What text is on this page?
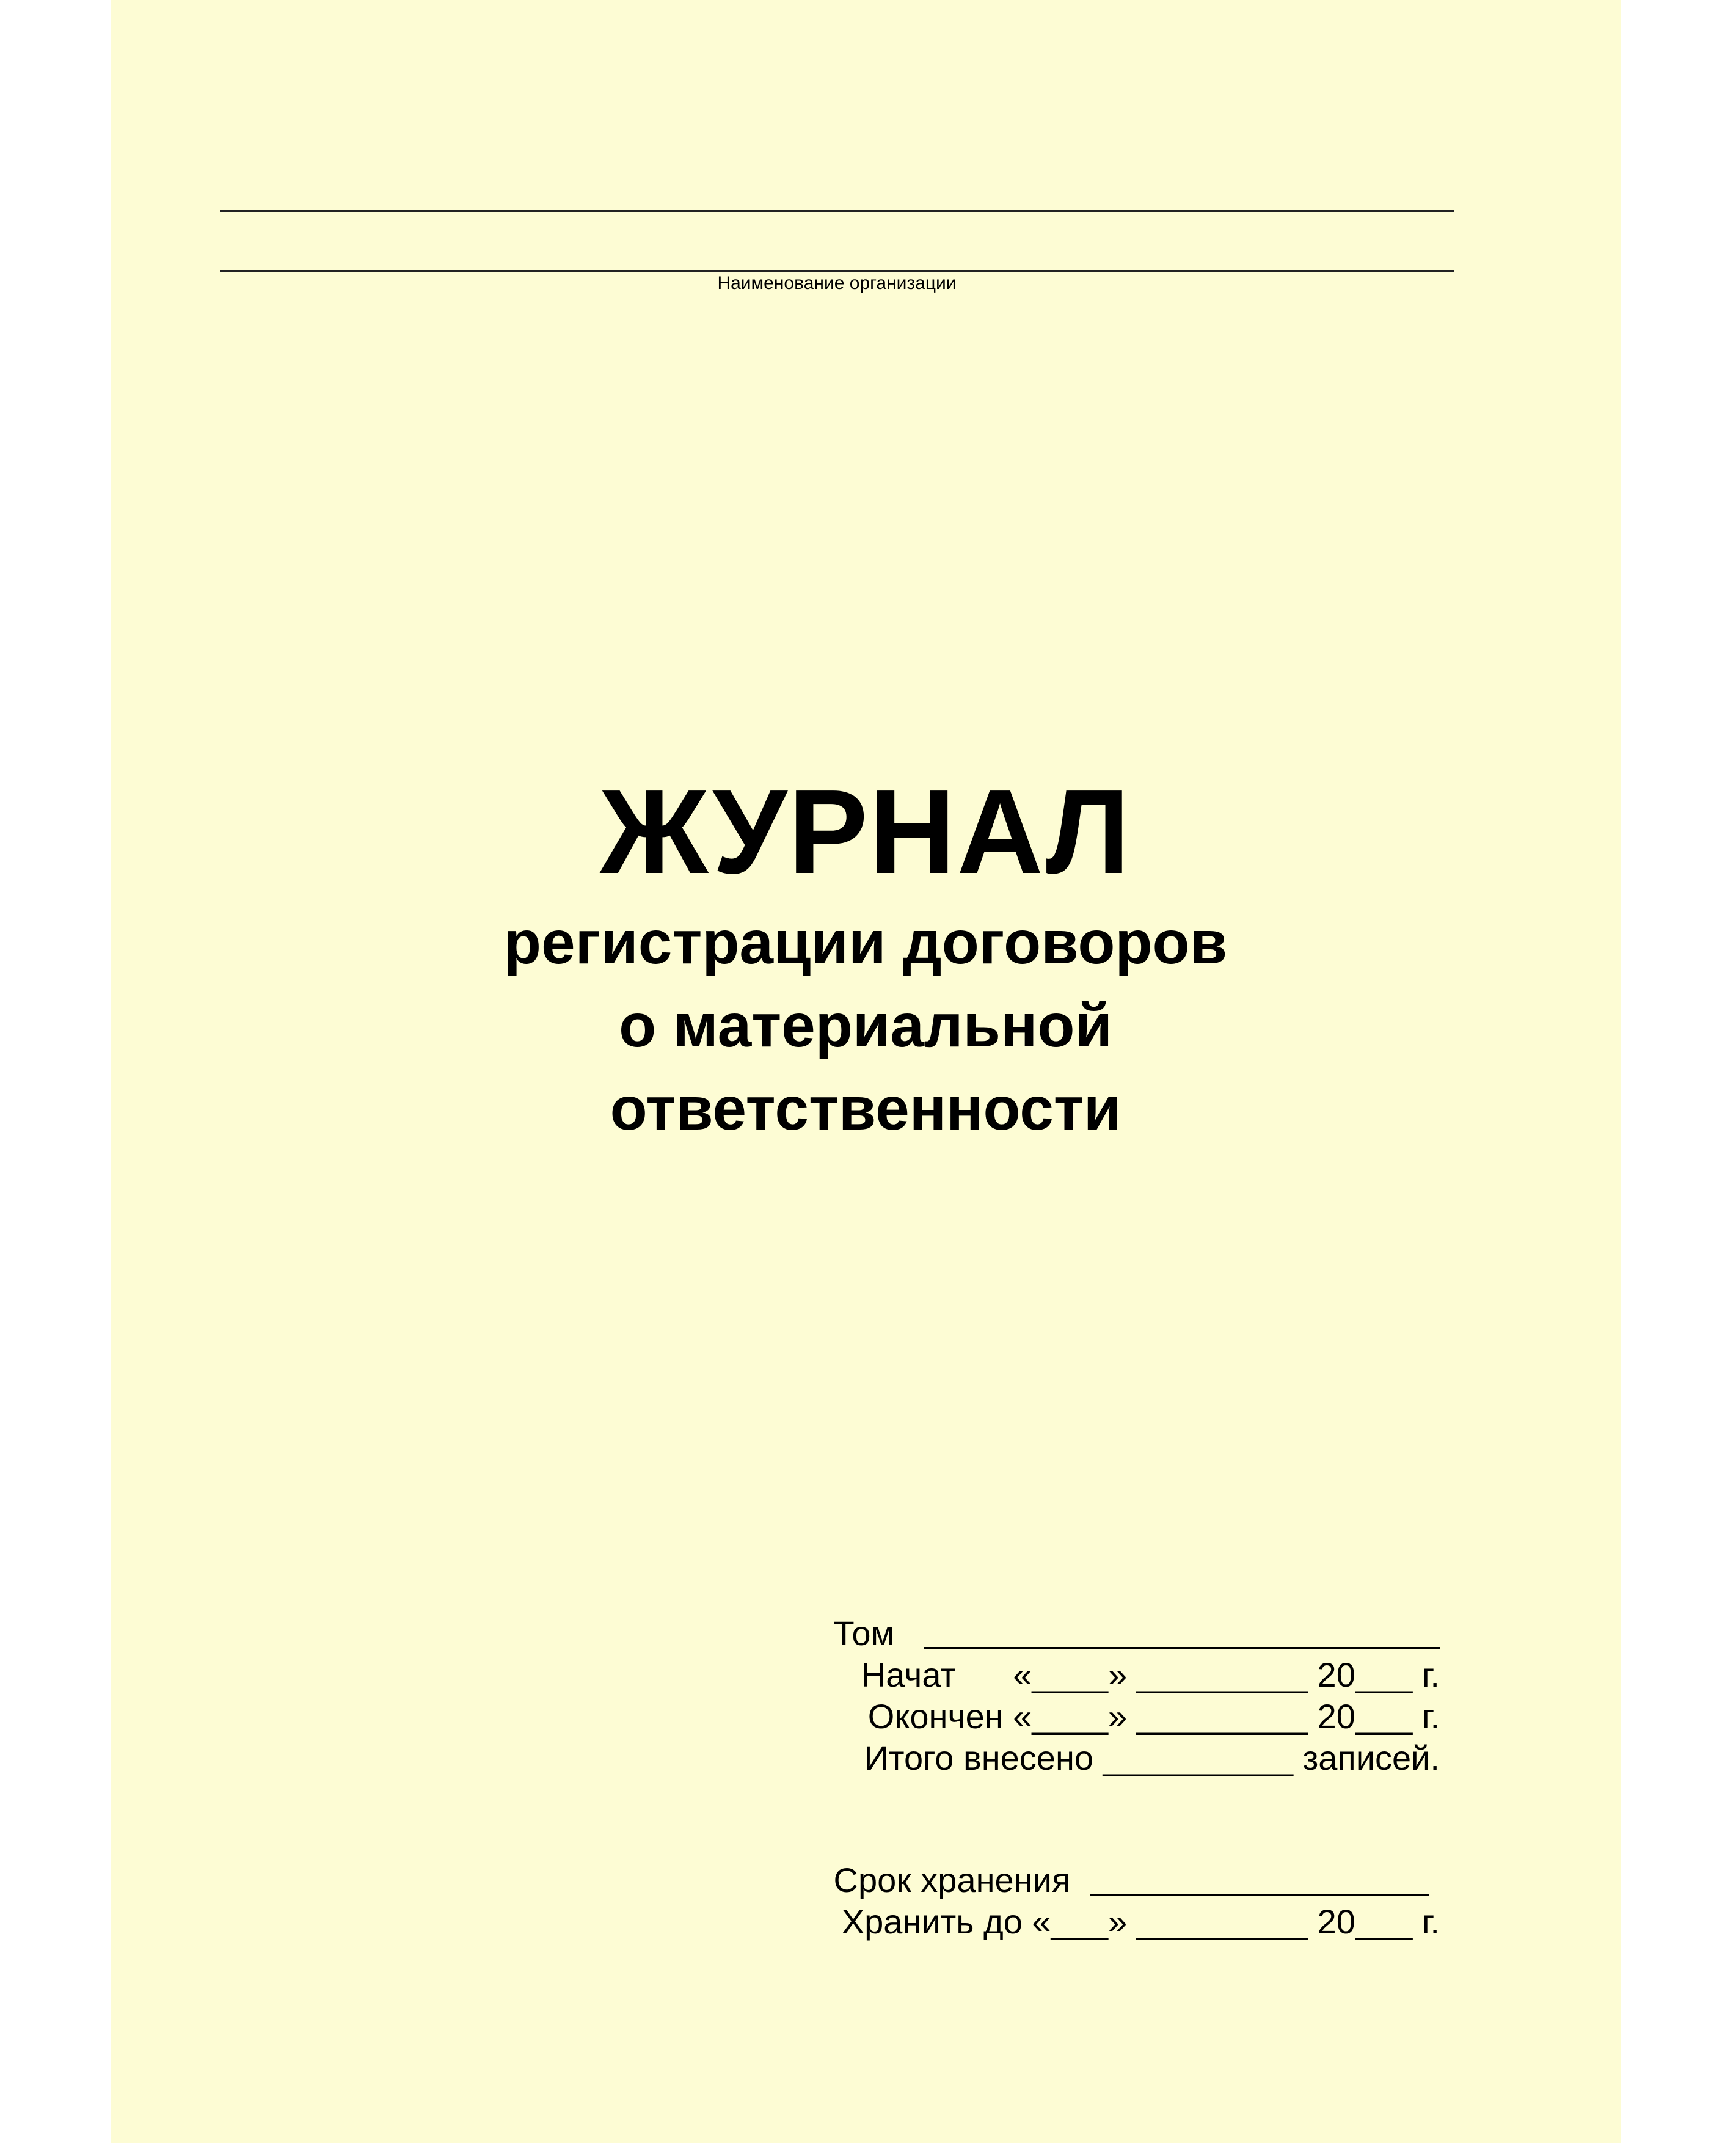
Наименование организации
ЖУРНАЛ
регистрации договоров
о материальной
ответственности
Том
Начат      «____» _________ 20___ г.
Окончен «____» _________ 20___ г.
Итого внесено __________ записей.
Срок хранения
Хранить до «___» _________ 20___ г.
